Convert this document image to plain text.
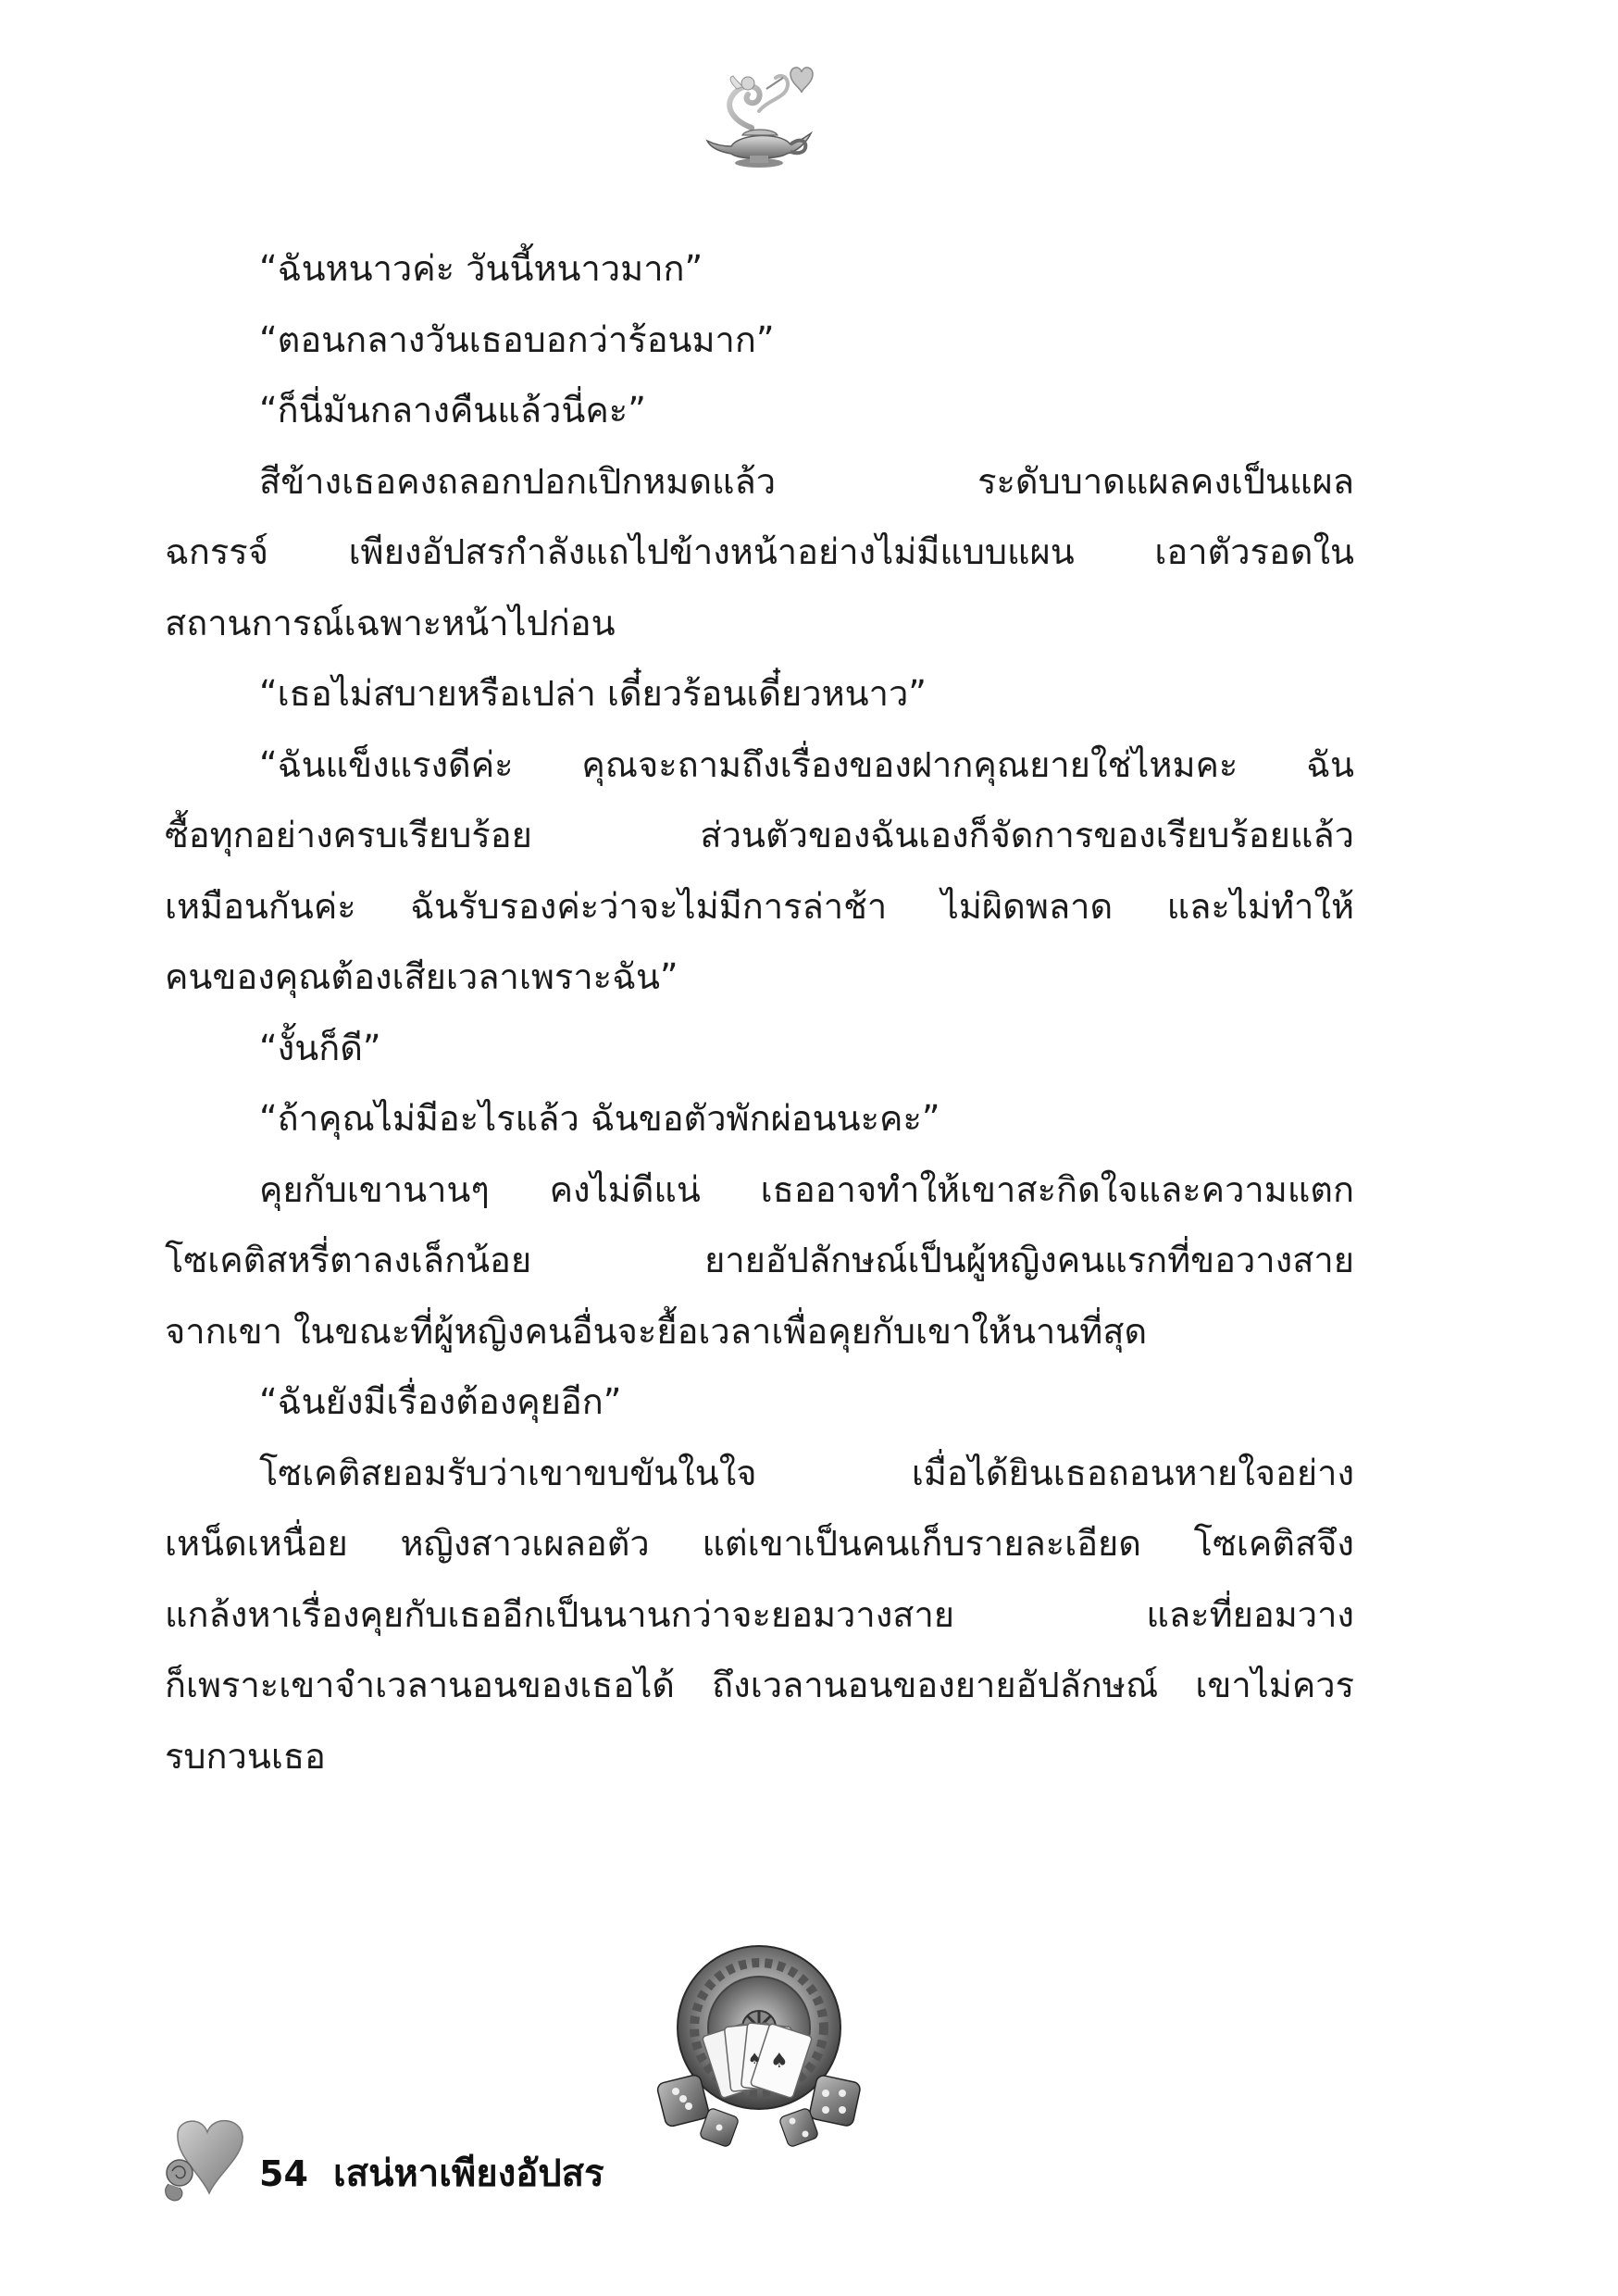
“ฉันหนาวค่ะ วันนี้หนาวมาก”
“ตอนกลางวันเธอบอกว่าร้อนมาก”
“ก็นี่มันกลางคืนแล้วนี่คะ”
สีข้างเธอคงถลอกปอกเปิกหมดแล้ว ระดับบาดแผลคงเป็นแผล
ฉกรรจ์ เพียงอัปสรกำลังแถไปข้างหน้าอย่างไม่มีแบบแผน เอาตัวรอดใน
สถานการณ์เฉพาะหน้าไปก่อน
“เธอไม่สบายหรือเปล่า เดี๋ยวร้อนเดี๋ยวหนาว”
“ฉันแข็งแรงดีค่ะ คุณจะถามถึงเรื่องของฝากคุณยายใช่ไหมคะ ฉัน
ซื้อทุกอย่างครบเรียบร้อย ส่วนตัวของฉันเองก็จัดการของเรียบร้อยแล้ว
เหมือนกันค่ะ ฉันรับรองค่ะว่าจะไม่มีการล่าช้า ไม่ผิดพลาด และไม่ทำให้
คนของคุณต้องเสียเวลาเพราะฉัน”
“งั้นก็ดี”
“ถ้าคุณไม่มีอะไรแล้ว ฉันขอตัวพักผ่อนนะคะ”
คุยกับเขานานๆ คงไม่ดีแน่ เธออาจทำให้เขาสะกิดใจและความแตก
โซเคติสหรี่ตาลงเล็กน้อย ยายอัปลักษณ์เป็นผู้หญิงคนแรกที่ขอวางสาย
จากเขา ในขณะที่ผู้หญิงคนอื่นจะยื้อเวลาเพื่อคุยกับเขาให้นานที่สุด
“ฉันยังมีเรื่องต้องคุยอีก”
โซเคติสยอมรับว่าเขาขบขันในใจ เมื่อได้ยินเธอถอนหายใจอย่าง
เหน็ดเหนื่อย หญิงสาวเผลอตัว แต่เขาเป็นคนเก็บรายละเอียด โซเคติสจึง
แกล้งหาเรื่องคุยกับเธออีกเป็นนานกว่าจะยอมวางสาย และที่ยอมวาง
ก็เพราะเขาจำเวลานอนของเธอได้ ถึงเวลานอนของยายอัปลักษณ์ เขาไม่ควร
รบกวนเธอ
♠
♠
54 เสน่หาเพียงอัปสร
